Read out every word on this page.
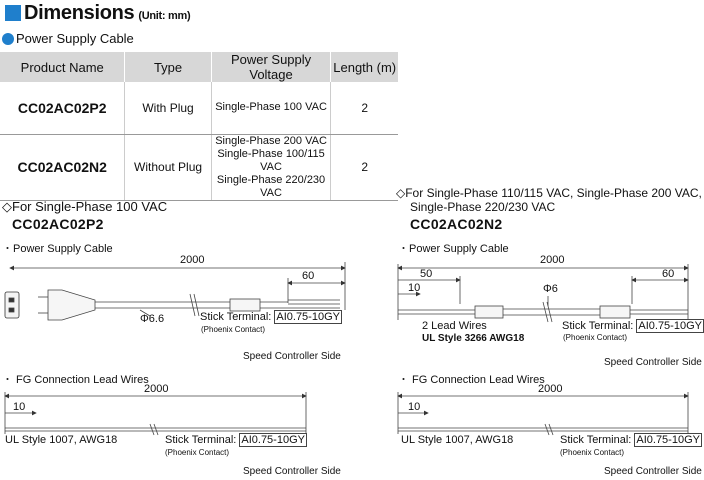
Dimensions (Unit: mm)
Power Supply Cable
Product Name	Type	Power Supply Voltage	Length (m)
CC02AC02P2	With Plug	Single-Phase 100 VAC	2
CC02AC02N2	Without Plug	Single-Phase 200 VAC
Single-Phase 100/115 VAC
Single-Phase 220/230 VAC	2
◇For Single-Phase 100 VAC
CC02AC02P2
・Power Supply Cable
2000
60
Φ6.6	Stick Terminal: AI0.75-10GY
(Phoenix Contact)
Speed Controller Side
・ FG Connection Lead Wires
2000
10
UL Style 1007, AWG18	Stick Terminal: AI0.75-10GY
(Phoenix Contact)
Speed Controller Side
◇For Single-Phase 110/115 VAC, Single-Phase 200 VAC,
Single-Phase 220/230 VAC
CC02AC02N2
・Power Supply Cable
2000
50
10
60
Φ6
2 Lead Wires
UL Style 3266 AWG18
Stick Terminal: AI0.75-10GY
(Phoenix Contact)
Speed Controller Side
・ FG Connection Lead Wires
2000
10
UL Style 1007, AWG18	Stick Terminal: AI0.75-10GY
(Phoenix Contact)
Speed Controller Side
